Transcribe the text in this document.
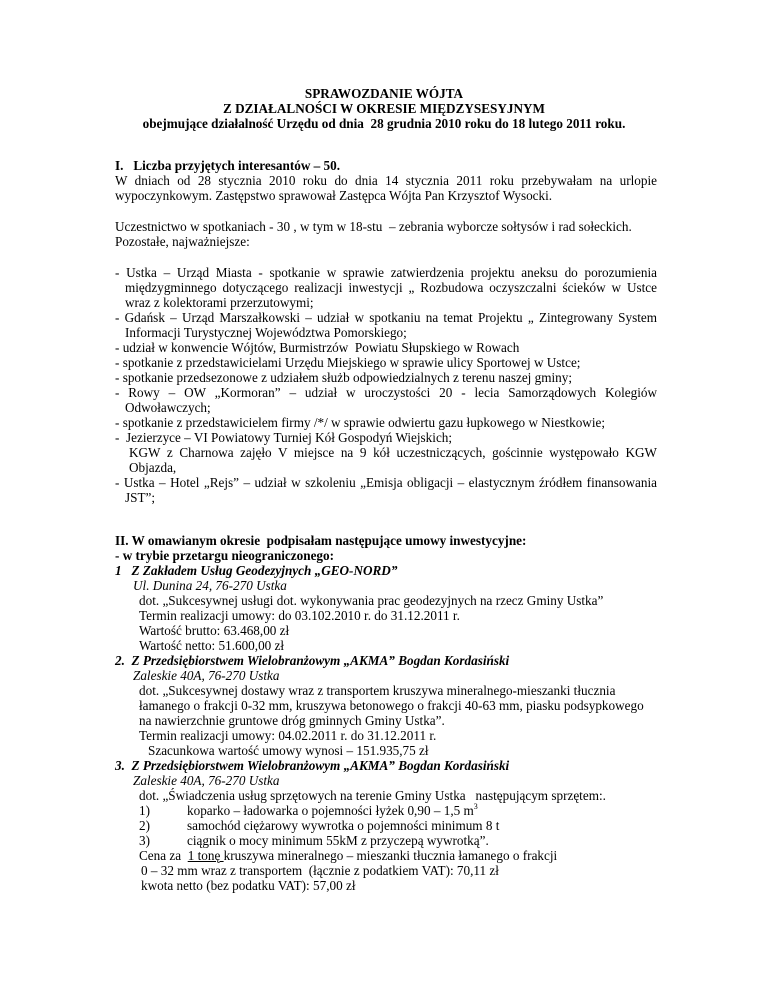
SPRAWOZDANIE WÓJTA
Z DZIAŁALNOŚCI W OKRESIE MIĘDZYSESYJNYM
obejmujące działalność Urzędu od dnia  28 grudnia 2010 roku do 18 lutego 2011 roku.
I.   Liczba przyjętych interesantów – 50.
W dniach od 28 stycznia 2010 roku do dnia 14 stycznia 2011 roku przebywałam na urlopie
wypoczynkowym. Zastępstwo sprawował Zastępca Wójta Pan Krzysztof Wysocki.
Uczestnictwo w spotkaniach - 30 , w tym w 18-stu  – zebrania wyborcze sołtysów i rad sołeckich.
Pozostałe, najważniejsze:
- Ustka – Urząd Miasta - spotkanie w sprawie zatwierdzenia projektu aneksu do porozumienia
międzygminnego dotyczącego realizacji inwestycji „ Rozbudowa oczyszczalni ścieków w Ustce
wraz z kolektorami przerzutowymi;
- Gdańsk – Urząd Marszałkowski – udział w spotkaniu na temat Projektu „ Zintegrowany System
Informacji Turystycznej Województwa Pomorskiego;
- udział w konwencie Wójtów, Burmistrzów  Powiatu Słupskiego w Rowach
- spotkanie z przedstawicielami Urzędu Miejskiego w sprawie ulicy Sportowej w Ustce;
- spotkanie przedsezonowe z udziałem służb odpowiedzialnych z terenu naszej gminy;
- Rowy – OW „Kormoran” – udział w uroczystości 20 - lecia Samorządowych Kolegiów
Odwoławczych;
- spotkanie z przedstawicielem firmy /*/ w sprawie odwiertu gazu łupkowego w Niestkowie;
-  Jezierzyce – VI Powiatowy Turniej Kół Gospodyń Wiejskich;
KGW z Charnowa zajęło V miejsce na 9 kół uczestniczących, gościnnie występowało KGW
Objazda,
- Ustka – Hotel „Rejs” – udział w szkoleniu „Emisja obligacji – elastycznym źródłem finansowania
JST”;
II. W omawianym okresie  podpisałam następujące umowy inwestycyjne:
- w trybie przetargu nieograniczonego:
1   Z Zakładem Usług Geodezyjnych „GEO-NORD”
Ul. Dunina 24, 76-270 Ustka
dot. „Sukcesywnej usługi dot. wykonywania prac geodezyjnych na rzecz Gminy Ustka”
Termin realizacji umowy: do 03.102.2010 r. do 31.12.2011 r.
Wartość brutto: 63.468,00 zł
Wartość netto: 51.600,00 zł
2.  Z Przedsiębiorstwem Wielobranżowym „AKMA” Bogdan Kordasiński
Zaleskie 40A, 76-270 Ustka
dot. „Sukcesywnej dostawy wraz z transportem kruszywa mineralnego-mieszanki tłucznia
łamanego o frakcji 0-32 mm, kruszywa betonowego o frakcji 40-63 mm, piasku podsypkowego
na nawierzchnie gruntowe dróg gminnych Gminy Ustka”.
Termin realizacji umowy: 04.02.2011 r. do 31.12.2011 r.
Szacunkowa wartość umowy wynosi – 151.935,75 zł
3.  Z Przedsiębiorstwem Wielobranżowym „AKMA” Bogdan Kordasiński
Zaleskie 40A, 76-270 Ustka
dot. „Świadczenia usług sprzętowych na terenie Gminy Ustka   następującym sprzętem:.
1)	koparko – ładowarka o pojemności łyżek 0,90 – 1,5 $m^3$
2)	samochód ciężarowy wywrotka o pojemności minimum 8 t
3)	ciągnik o mocy minimum 55kM z przyczepą wywrotką”.
Cena za  1 tonę kruszywa mineralnego – mieszanki tłucznia łamanego o frakcji
0 – 32 mm wraz z transportem  (łącznie z podatkiem VAT): 70,11 zł
kwota netto (bez podatku VAT): 57,00 zł
